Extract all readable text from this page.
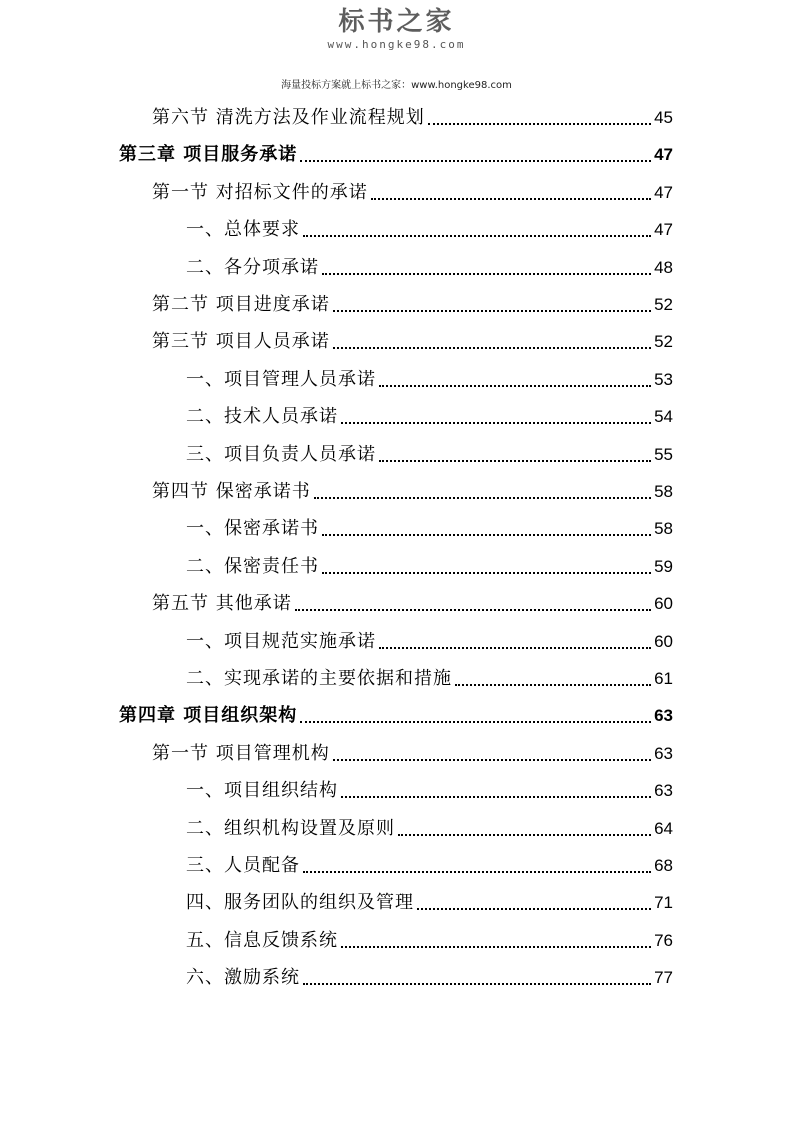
标书之家
www.hongke98.com
海量投标方案就上标书之家：www.hongke98.com
第六节 清洗方法及作业流程规划	45
第三章 项目服务承诺	47
第一节 对招标文件的承诺	47
一、总体要求	47
二、各分项承诺	48
第二节 项目进度承诺	52
第三节 项目人员承诺	52
一、项目管理人员承诺	53
二、技术人员承诺	54
三、项目负责人员承诺	55
第四节 保密承诺书	58
一、保密承诺书	58
二、保密责任书	59
第五节 其他承诺	60
一、项目规范实施承诺	60
二、实现承诺的主要依据和措施	61
第四章 项目组织架构	63
第一节 项目管理机构	63
一、项目组织结构	63
二、组织机构设置及原则	64
三、人员配备	68
四、服务团队的组织及管理	71
五、信息反馈系统	76
六、激励系统	77
